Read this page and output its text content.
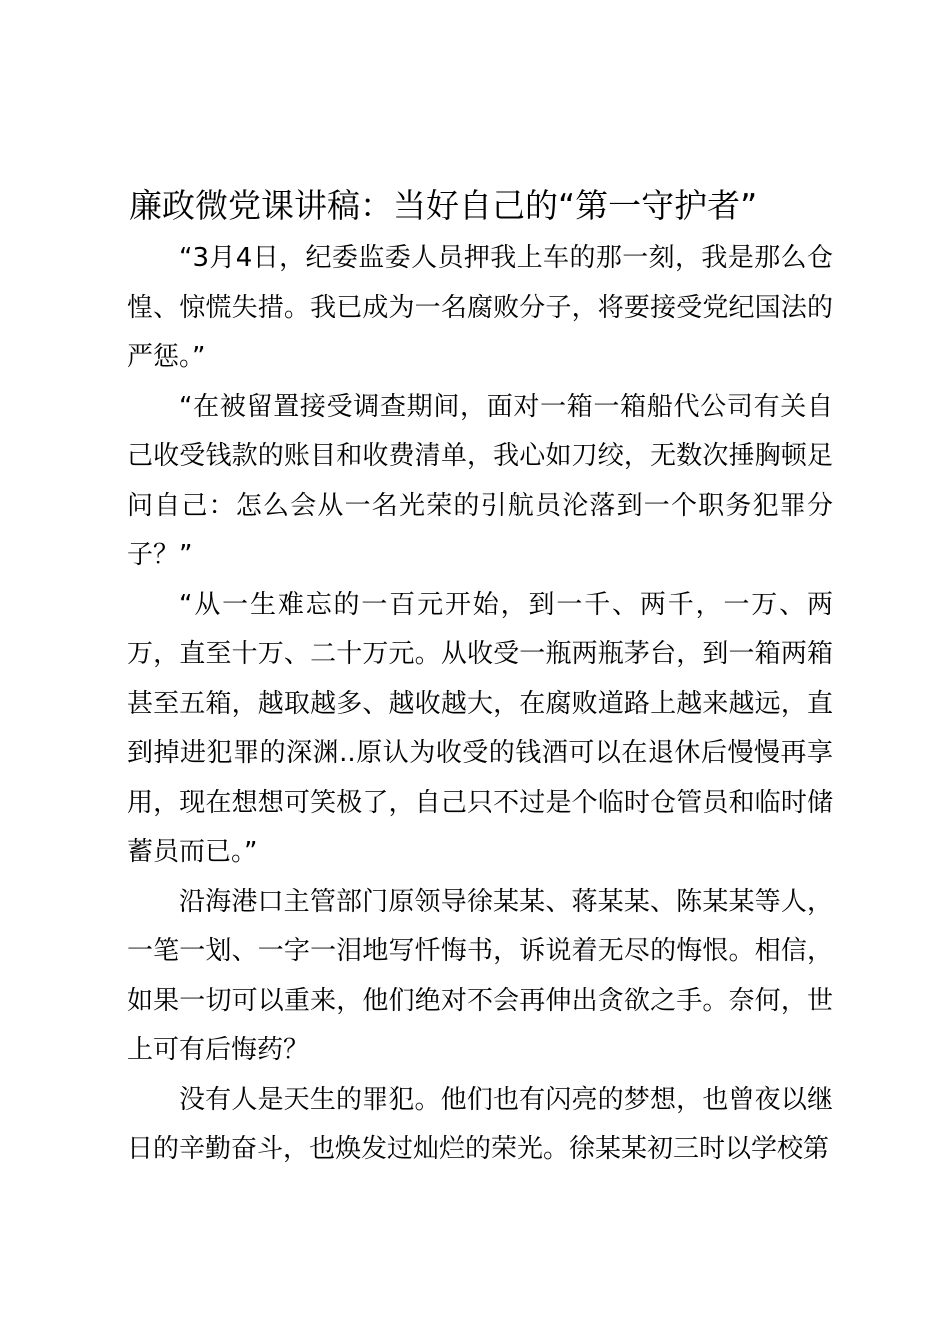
廉政微党课讲稿：当好自己的“第一守护者”

“3月4日，纪委监委人员押我上车的那一刻，我是那么仓惶、惊慌失措。我已成为一名腐败分子，将要接受党纪国法的严惩。”

“在被留置接受调查期间，面对一箱一箱船代公司有关自己收受钱款的账目和收费清单，我心如刀绞，无数次捶胸顿足问自己：怎么会从一名光荣的引航员沦落到一个职务犯罪分子？”

“从一生难忘的一百元开始，到一千、两千，一万、两万，直至十万、二十万元。从收受一瓶两瓶茅台，到一箱两箱甚至五箱，越取越多、越收越大，在腐败道路上越来越远，直到掉进犯罪的深渊..原认为收受的钱酒可以在退休后慢慢再享用，现在想想可笑极了，自己只不过是个临时仓管员和临时储蓄员而已。”

沿海港口主管部门原领导徐某某、蒋某某、陈某某等人，一笔一划、一字一泪地写忏悔书，诉说着无尽的悔恨。相信，如果一切可以重来，他们绝对不会再伸出贪欲之手。奈何，世上可有后悔药？

没有人是天生的罪犯。他们也有闪亮的梦想，也曾夜以继日的辛勤奋斗，也焕发过灿烂的荣光。徐某某初三时以学校第
